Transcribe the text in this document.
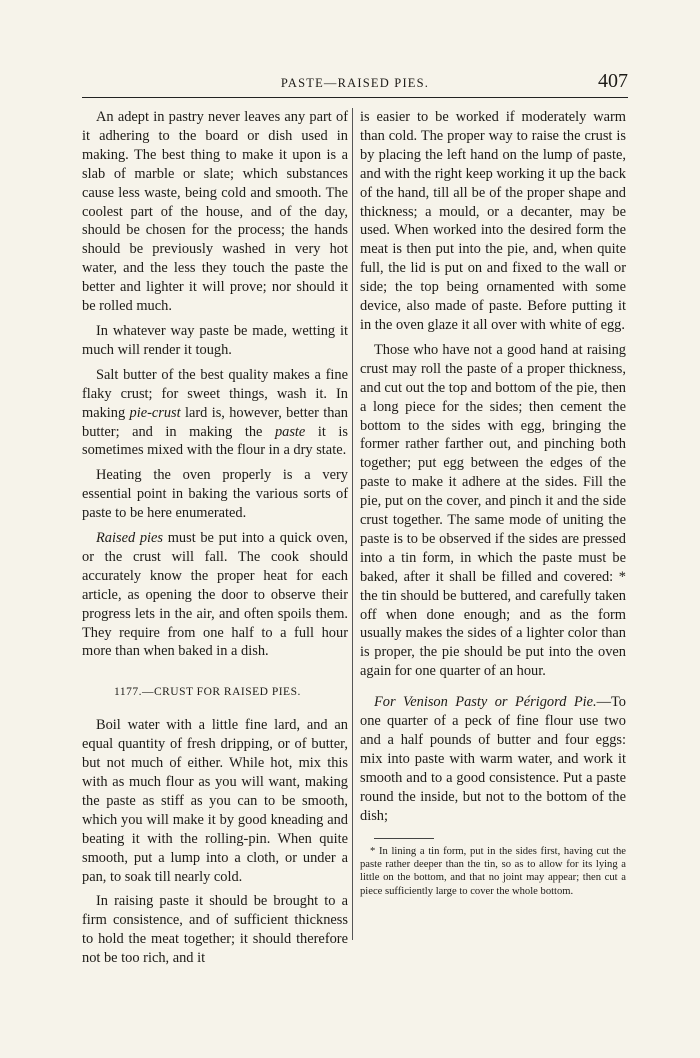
PASTE—RAISED PIES.	407

An adept in pastry never leaves any part of it adhering to the board or dish used in making. The best thing to make it upon is a slab of marble or slate; which substances cause less waste, being cold and smooth. The coolest part of the house, and of the day, should be chosen for the process; the hands should be previously washed in very hot water, and the less they touch the paste the better and lighter it will prove; nor should it be rolled much.

In whatever way paste be made, wetting it much will render it tough.

Salt butter of the best quality makes a fine flaky crust; for sweet things, wash it. In making pie-crust lard is, however, better than butter; and in making the paste it is sometimes mixed with the flour in a dry state.

Heating the oven properly is a very essential point in baking the various sorts of paste to be here enumerated.

Raised pies must be put into a quick oven, or the crust will fall. The cook should accurately know the proper heat for each article, as opening the door to observe their progress lets in the air, and often spoils them. They require from one half to a full hour more than when baked in a dish.

1177.—CRUST FOR RAISED PIES.

Boil water with a little fine lard, and an equal quantity of fresh dripping, or of butter, but not much of either. While hot, mix this with as much flour as you will want, making the paste as stiff as you can to be smooth, which you will make it by good kneading and beating it with the rolling-pin. When quite smooth, put a lump into a cloth, or under a pan, to soak till nearly cold.

In raising paste it should be brought to a firm consistence, and of sufficient thickness to hold the meat together; it should therefore not be too rich, and it

is easier to be worked if moderately warm than cold. The proper way to raise the crust is by placing the left hand on the lump of paste, and with the right keep working it up the back of the hand, till all be of the proper shape and thickness; a mould, or a decanter, may be used. When worked into the desired form the meat is then put into the pie, and, when quite full, the lid is put on and fixed to the wall or side; the top being ornamented with some device, also made of paste. Before putting it in the oven glaze it all over with white of egg.

Those who have not a good hand at raising crust may roll the paste of a proper thickness, and cut out the top and bottom of the pie, then a long piece for the sides; then cement the bottom to the sides with egg, bringing the former rather farther out, and pinching both together; put egg between the edges of the paste to make it adhere at the sides. Fill the pie, put on the cover, and pinch it and the side crust together. The same mode of uniting the paste is to be observed if the sides are pressed into a tin form, in which the paste must be baked, after it shall be filled and covered: * the tin should be buttered, and carefully taken off when done enough; and as the form usually makes the sides of a lighter color than is proper, the pie should be put into the oven again for one quarter of an hour.

For Venison Pasty or Périgord Pie.—To one quarter of a peck of fine flour use two and a half pounds of butter and four eggs: mix into paste with warm water, and work it smooth and to a good consistence. Put a paste round the inside, but not to the bottom of the dish;

* In lining a tin form, put in the sides first, having cut the paste rather deeper than the tin, so as to allow for its lying a little on the bottom, and that no joint may appear; then cut a piece sufficiently large to cover the whole bottom.
